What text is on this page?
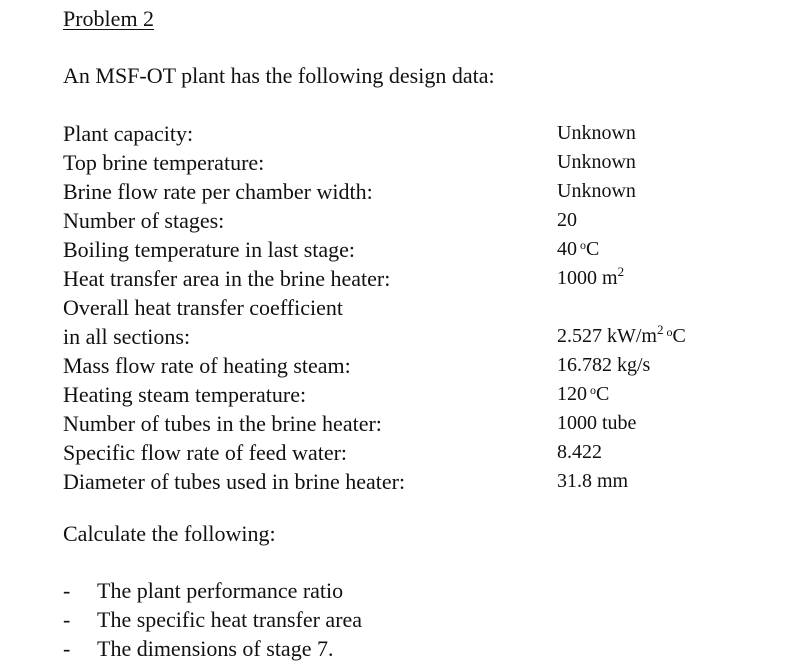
Problem 2
An MSF-OT plant has the following design data:
Plant capacity:	Unknown
Top brine temperature:	Unknown
Brine flow rate per chamber width:	Unknown
Number of stages:	20
Boiling temperature in last stage:	40 $^o$C
Heat transfer area in the brine heater:	1000 $m^2$
Overall heat transfer coefficient
in all sections:	2.527 $kW/m^2$ $^o$C
Mass flow rate of heating steam:	16.782 kg/s
Heating steam temperature:	120 $^o$C
Number of tubes in the brine heater:	1000 tube
Specific flow rate of feed water:	8.422
Diameter of tubes used in brine heater:	31.8 mm
Calculate the following:
- The plant performance ratio
- The specific heat transfer area
- The dimensions of stage 7.
